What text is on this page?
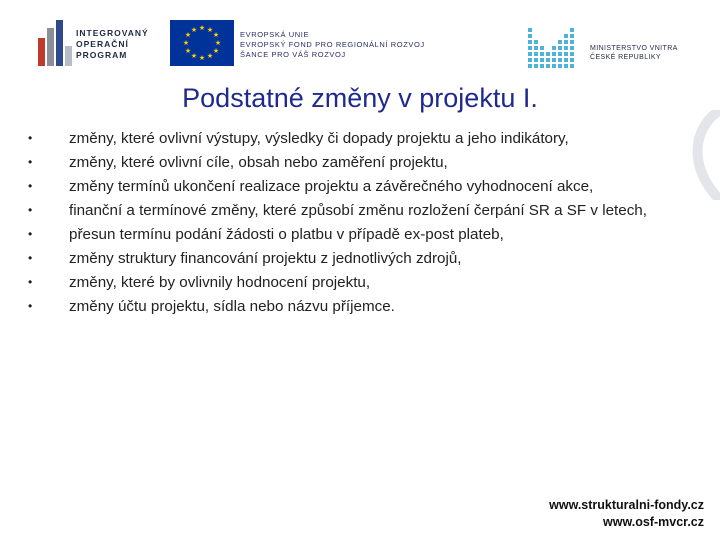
INTEGROVANÝ
OPERAČNÍ
PROGRAM
★ ★
★
★
★
★
★
★
★
★
★
★	EVROPSKÁ UNIE
EVROPSKÝ FOND PRO REGIONÁLNÍ ROZVOJ
ŠANCE PRO VÁŠ ROZVOJ
MINISTERSTVO VNITRA
ČESKÉ REPUBLIKY
Podstatné změny v projektu I.
• změny, které ovlivní výstupy, výsledky či dopady projektu a jeho indikátory,
• změny, které ovlivní cíle, obsah nebo zaměření projektu,
• změny termínů ukončení realizace projektu a závěrečného vyhodnocení akce,
• finanční a termínové změny, které způsobí změnu rozložení čerpání SR a SF v letech,
• přesun termínu podání žádosti o platbu v případě ex-post plateb,
• změny struktury financování projektu z jednotlivých zdrojů,
• změny, které by ovlivnily hodnocení projektu,
• změny účtu projektu, sídla nebo názvu příjemce.
www.strukturalni-fondy.cz
www.osf-mvcr.cz
